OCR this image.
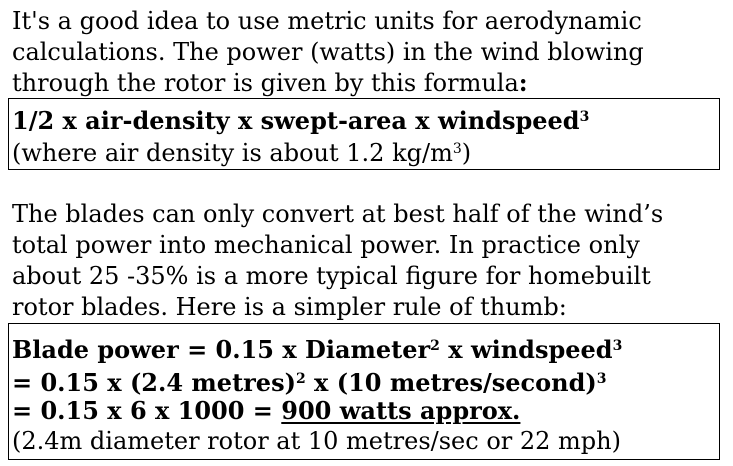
It's a good idea to use metric units for aerodynamic
calculations. The power (watts) in the wind blowing
through the rotor is given by this formula:
1/2 x air-density x swept-area x windspeed$^3$
(where air density is about 1.2 $kg/m^3$)
The blades can only convert at best half of the wind’s
total power into mechanical power. In practice only
about 25 -35% is a more typical figure for homebuilt
rotor blades. Here is a simpler rule of thumb:
Blade power = 0.15 x Diameter$^2$ x windspeed$^3$
= 0.15 x (2.4 metres)$^2$ x (10 metres/second)$^3$
= 0.15 x 6 x 1000 = 900 watts approx.
(2.4m diameter rotor at 10 metres/sec or 22 mph)
